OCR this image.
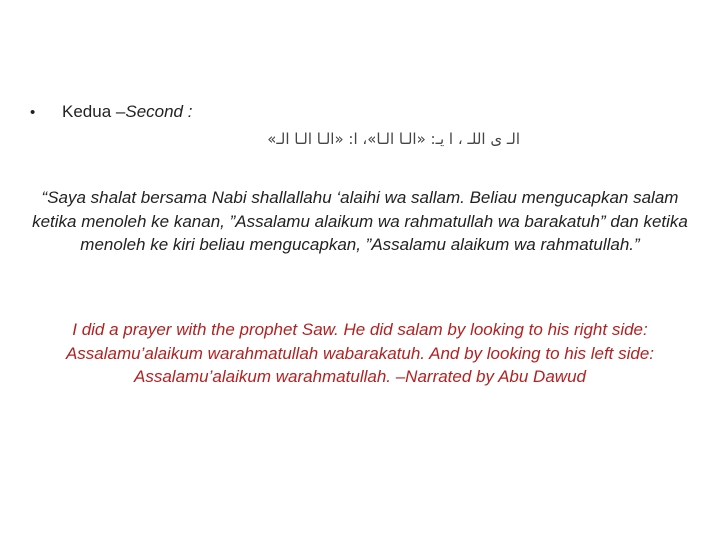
• Kedua –Second :
الـ ى اللـ ، ا يـ: «الـا الـا»، ا: «الـا الـا الـ»
“Saya shalat bersama Nabi shallallahu ‘alaihi wa sallam. Beliau mengucapkan salam ketika menoleh ke kanan, ”Assalamu alaikum wa rahmatullah wa barakatuh” dan ketika menoleh ke kiri beliau mengucapkan, ”Assalamu alaikum wa rahmatullah.”
I did a prayer with the prophet Saw. He did salam by looking to his right side: Assalamu’alaikum warahmatullah wabarakatuh. And by looking to his left side: Assalamu’alaikum warahmatullah. –Narrated by Abu Dawud
